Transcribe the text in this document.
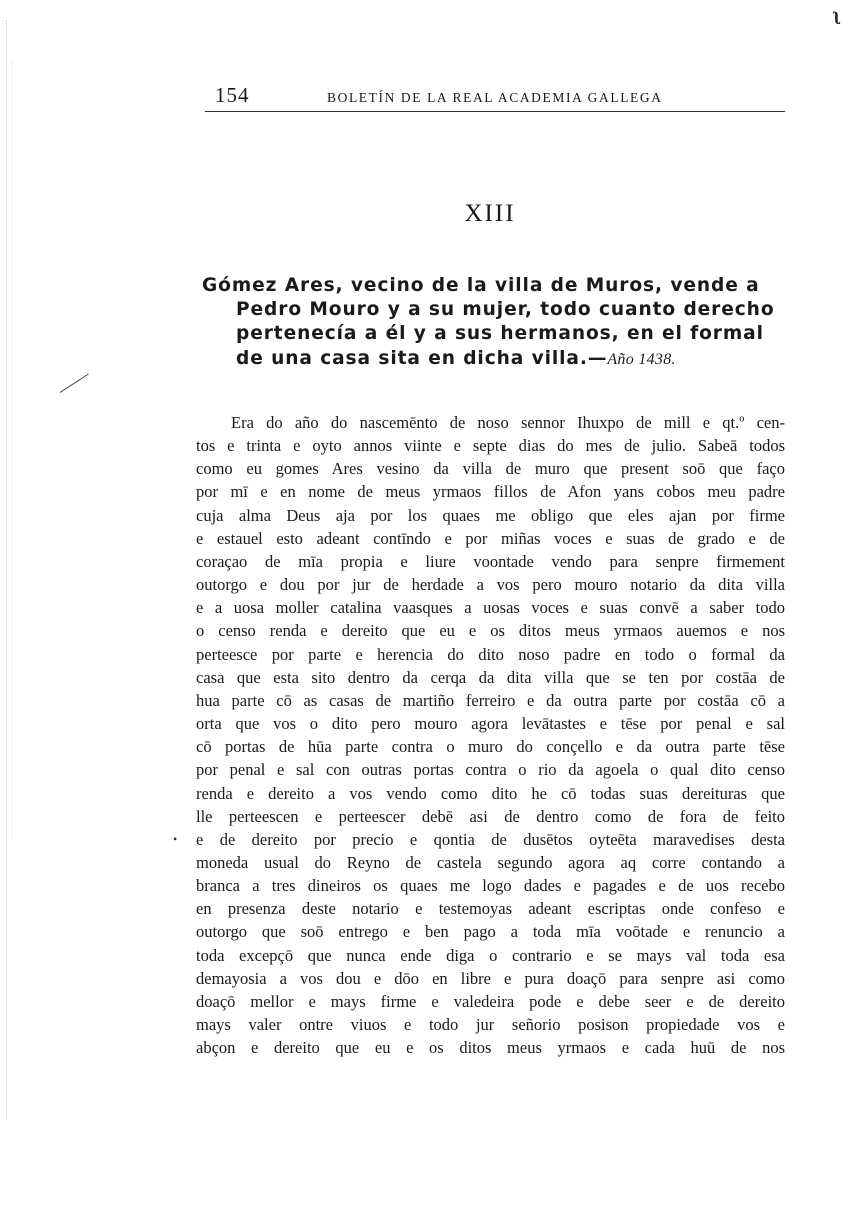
ʅ
•
154	BOLETÍN DE LA REAL ACADEMIA GALLEGA
XIII
Gómez Ares, vecino de la villa de Muros, vende a
Pedro Mouro y a su mujer, todo cuanto derecho
pertenecía a él y a sus hermanos, en el formal
de una casa sita en dicha villa.—Año 1438.
Era do año do nascemēnto de noso sennor Ihuxpo de mill e qt.º cen-
tos e trinta e oyto annos viinte e septe dias do mes de julio. Sabeā todos
como eu gomes Ares vesino da villa de muro que present soō que faço
por mī e en nome de meus yrmaos fillos de Afon yans cobos meu padre
cuja alma Deus aja por los quaes me obligo que eles ajan por firme
e estauel esto adeant contīndo e por miñas voces e suas de grado e de
coraçao de mīa propia e liure voontade vendo para senpre firmement
outorgo e dou por jur de herdade a vos pero mouro notario da dita villa
e a uosa moller catalina vaasques a uosas voces e suas convē a saber todo
o censo renda e dereito que eu e os ditos meus yrmaos auemos e nos
perteesce por parte e herencia do dito noso padre en todo o formal da
casa que esta sito dentro da cerqa da dita villa que se ten por costāa de
hua parte cō as casas de martiño ferreiro e da outra parte por costāa cō a
orta que vos o dito pero mouro agora levātastes e tēse por penal e sal
cō portas de hūa parte contra o muro do conçello e da outra parte tēse
por penal e sal con outras portas contra o rio da agoela o qual dito censo
renda e dereito a vos vendo como dito he cō todas suas dereituras que
lle perteescen e perteescer debē asi de dentro como de fora de feito
e de dereito por precio e qontia de dusētos oyteēta maravedises desta
moneda usual do Reyno de castela segundo agora aq corre contando a
branca a tres dineiros os quaes me logo dades e pagades e de uos recebo
en presenza deste notario e testemoyas adeant escriptas onde confeso e
outorgo que soō entrego e ben pago a toda mīa voōtade e renuncio a
toda excepçō que nunca ende diga o contrario e se mays val toda esa
demayosia a vos dou e dōo en libre e pura doaçō para senpre asi como
doaçō mellor e mays firme e valedeira pode e debe seer e de dereito
mays valer ontre viuos e todo jur señorio posison propiedade vos e
abçon e dereito que eu e os ditos meus yrmaos e cada huū de nos
